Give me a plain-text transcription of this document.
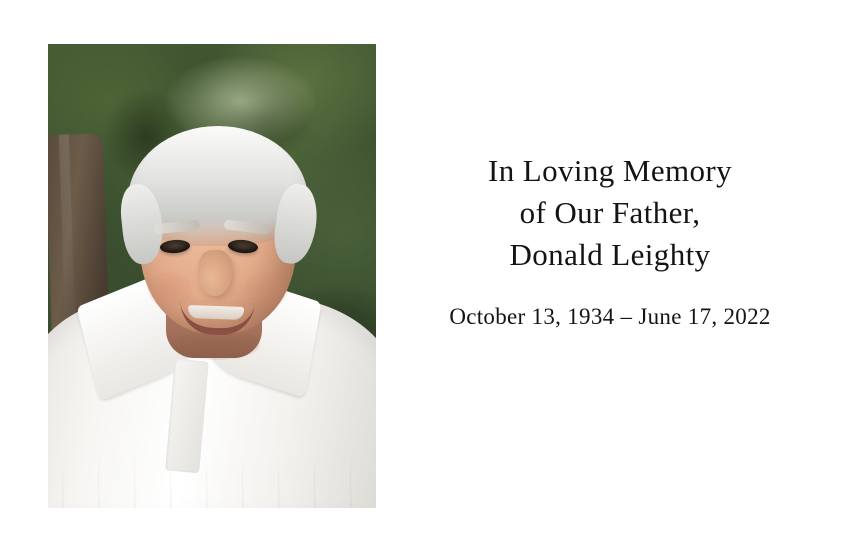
In Loving Memory
of Our Father,
Donald Leighty
October 13, 1934 – June 17, 2022
